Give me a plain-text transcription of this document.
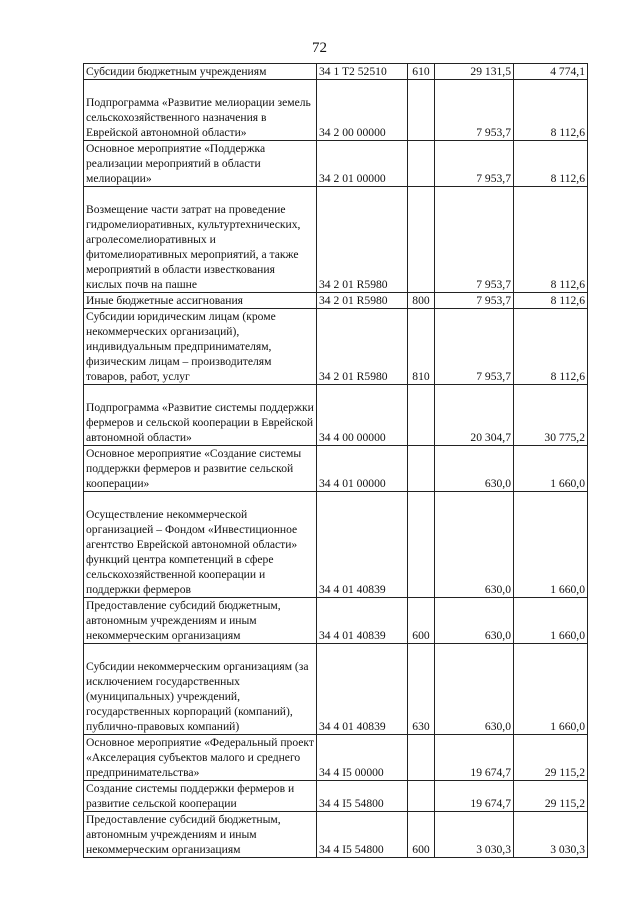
72
Субсидии бюджетным учреждениям	34 1 T2 52510	610	29 131,5	4 774,1
Подпрограмма «Развитие мелиорации земель сельскохозяйственного назначения в Еврейской автономной области»	34 2 00 00000		7 953,7	8 112,6
Основное мероприятие «Поддержка реализации мероприятий в области мелиорации»	34 2 01 00000		7 953,7	8 112,6
Возмещение части затрат на проведение гидромелиоративных, культуртехнических, агролесомелиоративных и фитомелиоративных мероприятий, а также мероприятий в области известкования кислых почв на пашне	34 2 01 R5980		7 953,7	8 112,6
Иные бюджетные ассигнования	34 2 01 R5980	800	7 953,7	8 112,6
Субсидии юридическим лицам (кроме некоммерческих организаций), индивидуальным предпринимателям, физическим лицам – производителям товаров, работ, услуг	34 2 01 R5980	810	7 953,7	8 112,6
Подпрограмма «Развитие системы поддержки фермеров и сельской кооперации в Еврейской автономной области»	34 4 00 00000		20 304,7	30 775,2
Основное мероприятие «Создание системы поддержки фермеров и развитие сельской кооперации»	34 4 01 00000		630,0	1 660,0
Осуществление некоммерческой организацией – Фондом «Инвестиционное агентство Еврейской автономной области» функций центра компетенций в сфере сельскохозяйственной кооперации и поддержки фермеров	34 4 01 40839		630,0	1 660,0
Предоставление субсидий бюджетным, автономным учреждениям и иным некоммерческим организациям	34 4 01 40839	600	630,0	1 660,0
Субсидии некоммерческим организациям (за исключением государственных (муниципальных) учреждений, государственных корпораций (компаний), публично-правовых компаний)	34 4 01 40839	630	630,0	1 660,0
Основное мероприятие «Федеральный проект «Акселерация субъектов малого и среднего предпринимательства»	34 4 I5 00000		19 674,7	29 115,2
Создание системы поддержки фермеров и развитие сельской кооперации	34 4 I5 54800		19 674,7	29 115,2
Предоставление субсидий бюджетным, автономным учреждениям и иным некоммерческим организациям	34 4 I5 54800	600	3 030,3	3 030,3
